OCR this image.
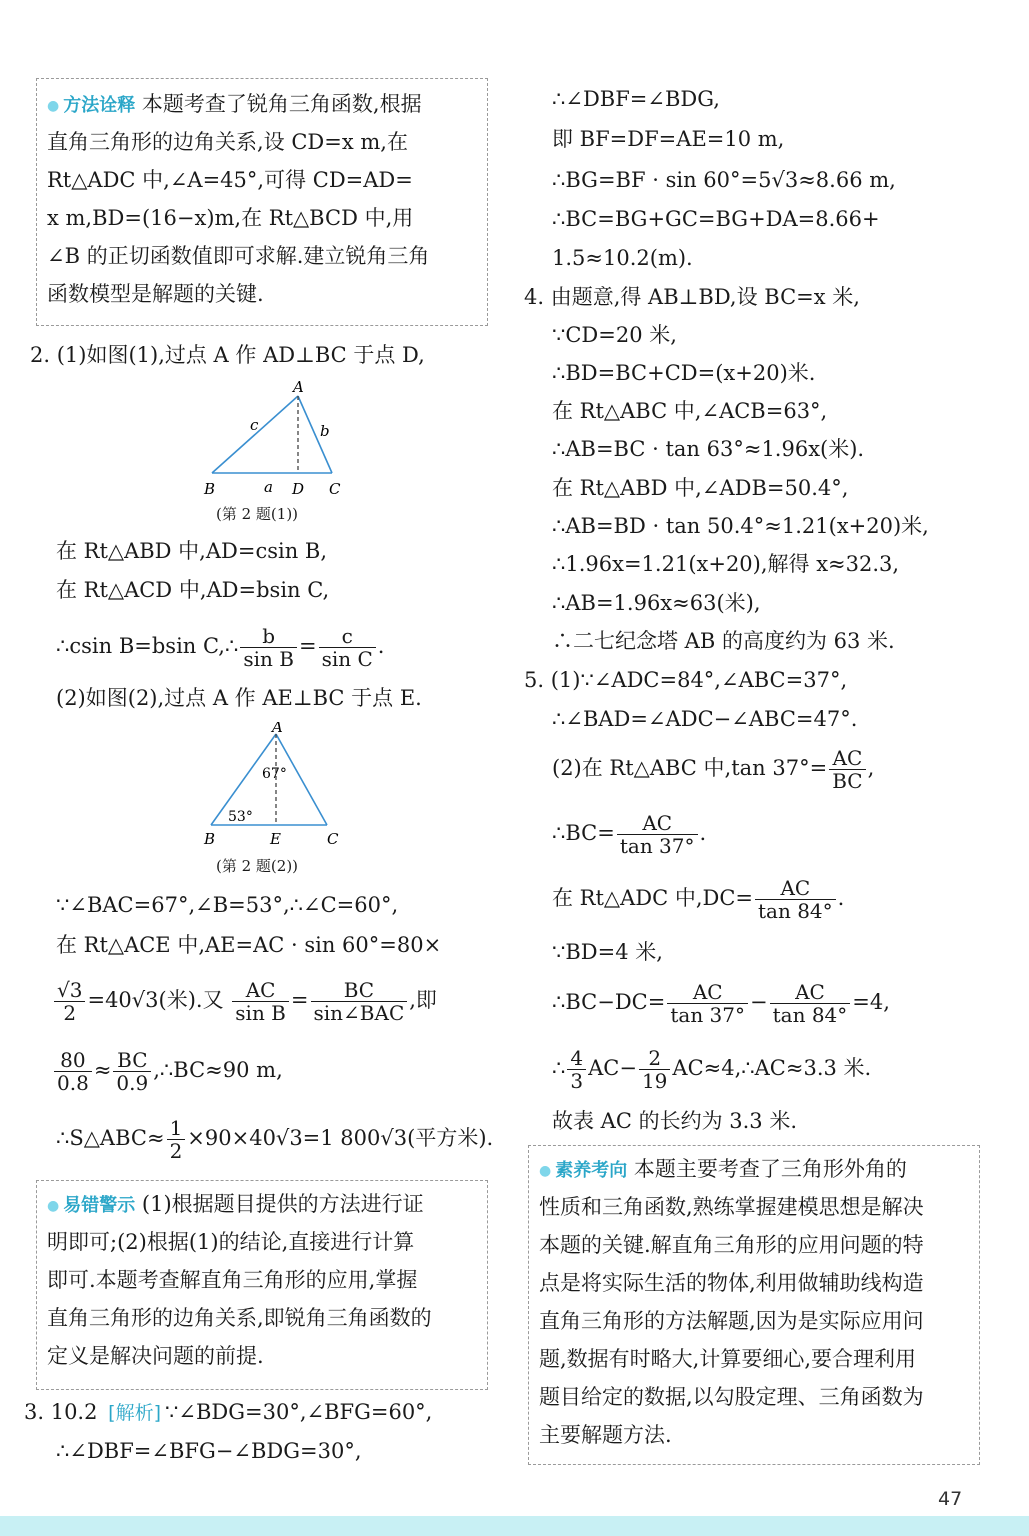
● 方法诠释 本题考查了锐角三角函数,根据
直角三角形的边角关系,设 CD=x m,在
Rt△ADC 中,∠A=45°,可得 CD=AD=
x m,BD=(16−x)m,在 Rt△BCD 中,用
∠B 的正切函数值即可求解.建立锐角三角
函数模型是解题的关键.
2. (1)如图(1),过点 A 作 AD⊥BC 于点 D,
A
B	C
D
a
b
c
(第 2 题(1))
在 Rt△ABD 中,AD=csin B,
在 Rt△ACD 中,AD=bsin C,
∴csin B=bsin C,∴ $\frac{b}{\text{sin B}} = \frac{c}{\text{sin C}}$ .
(2)如图(2),过点 A 作 AE⊥BC 于点 E.
A
B	C
E
67°
53°
(第 2 题(2))
∵∠BAC=67°,∠B=53°,∴∠C=60°,
在 Rt△ACE 中,AE=AC · sin 60°=80×
$\frac{√3}{2} =40√3$(米).又 $\frac{AC}{\text{sin B}} = \frac{BC}{\text{sin∠BAC}}$ ,即
$\frac{80}{0.8} \approx \frac{BC}{0.9}$ ,∴BC≈90 m,
∴S△ABC≈ $\frac{1}{2} \times 90\times 40√3=1$ 800√3(平方米).
● 易错警示 (1)根据题目提供的方法进行证
明即可;(2)根据(1)的结论,直接进行计算
即可.本题考查解直角三角形的应用,掌握
直角三角形的边角关系,即锐角三角函数的
定义是解决问题的前提.
3. 10.2 [解析] ∵∠BDG=30°,∠BFG=60°,
∴∠DBF=∠BFG−∠BDG=30°,
∴∠DBF=∠BDG,
即 BF=DF=AE=10 m,
∴BG=BF · sin 60°=5√3≈8.66 m,
∴BC=BG+GC=BG+DA=8.66+
1.5≈10.2(m).
4. 由题意,得 AB⊥BD,设 BC=x 米,
∵CD=20 米,
∴BD=BC+CD=(x+20)米.
在 Rt△ABC 中,∠ACB=63°,
∴AB=BC · tan 63°≈1.96x(米).
在 Rt△ABD 中,∠ADB=50.4°,
∴AB=BD · tan 50.4°≈1.21(x+20)米,
∴1.96x=1.21(x+20),解得 x≈32.3,
∴AB=1.96x≈63(米),
∴二七纪念塔 AB 的高度约为 63 米.
5. (1)∵∠ADC=84°,∠ABC=37°,
∴∠BAD=∠ADC−∠ABC=47°.
(2)在 Rt△ABC 中,tan $37^\circ= \frac{AC}{BC}$ ,
∴BC= $\frac{AC}{\tan 37^\circ}$ .
在 Rt△ADC 中$,DC= \frac{AC}{\tan 84^\circ}$ .
∵BD=4 米,
∴BC−DC= $\frac{AC}{\tan 37^\circ} - \frac{AC}{\tan 84^\circ} =4$,
∴ $\frac{4}{3} AC- \frac{2}{19}$ AC≈4,∴AC≈3.3 米.
故表 AC 的长约为 3.3 米.
● 素养考向 本题主要考查了三角形外角的
性质和三角函数,熟练掌握建模思想是解决
本题的关键.解直角三角形的应用问题的特
点是将实际生活的物体,利用做辅助线构造
直角三角形的方法解题,因为是实际应用问
题,数据有时略大,计算要细心,要合理利用
题目给定的数据,以勾股定理、三角函数为
主要解题方法.
47
